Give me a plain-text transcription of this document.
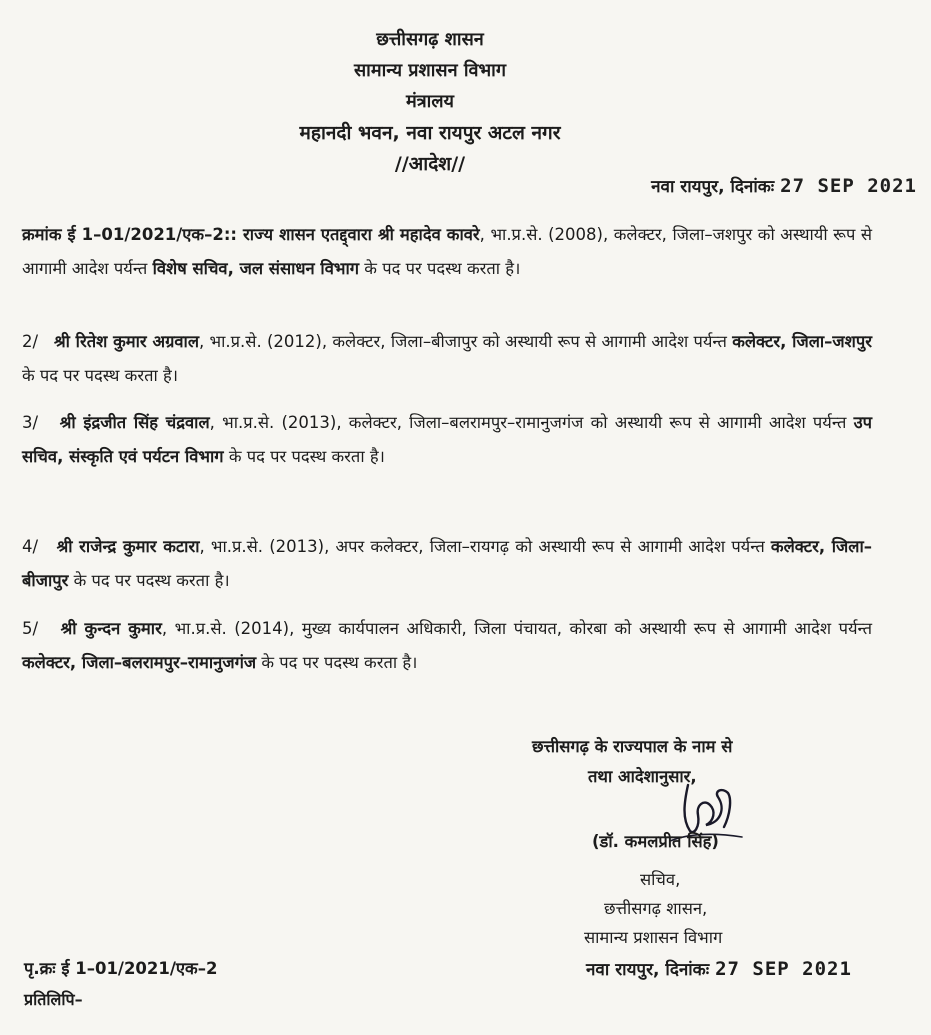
छत्तीसगढ़ शासन
सामान्य प्रशासन विभाग
मंत्रालय
महानदी भवन, नवा रायपुर अटल नगर
//आदेश//
नवा रायपुर, दिनांकः 27 SEP 2021
क्रमांक ई 1–01/2021/एक–2:: राज्य शासन एतद्द्वारा श्री महादेव कावरे, भा.प्र.से. (2008), कलेक्टर, जिला–जशपुर को अस्थायी रूप से आगामी आदेश पर्यन्त विशेष सचिव, जल संसाधन विभाग के पद पर पदस्थ करता है।
2/   श्री रितेश कुमार अग्रवाल, भा.प्र.से. (2012), कलेक्टर, जिला–बीजापुर को अस्थायी रूप से आगामी आदेश पर्यन्त कलेक्टर, जिला–जशपुर के पद पर पदस्थ करता है।
3/   श्री इंद्रजीत सिंह चंद्रवाल, भा.प्र.से. (2013), कलेक्टर, जिला–बलरामपुर–रामानुजगंज को अस्थायी रूप से आगामी आदेश पर्यन्त उप सचिव, संस्कृति एवं पर्यटन विभाग के पद पर पदस्थ करता है।
4/   श्री राजेन्द्र कुमार कटारा, भा.प्र.से. (2013), अपर कलेक्टर, जिला–रायगढ़ को अस्थायी रूप से आगामी आदेश पर्यन्त कलेक्टर, जिला–बीजापुर के पद पर पदस्थ करता है।
5/   श्री कुन्दन कुमार, भा.प्र.से. (2014), मुख्य कार्यपालन अधिकारी, जिला पंचायत, कोरबा को अस्थायी रूप से आगामी आदेश पर्यन्त कलेक्टर, जिला–बलरामपुर–रामानुजगंज के पद पर पदस्थ करता है।
छत्तीसगढ़ के राज्यपाल के नाम से
तथा आदेशानुसार,
(डॉ. कमलप्रीत सिंह)
सचिव,
छत्तीसगढ़ शासन,
सामान्य प्रशासन विभाग
पृ.क्रः ई 1–01/2021/एक–2	नवा रायपुर, दिनांकः 27 SEP 2021
प्रतिलिपि–
